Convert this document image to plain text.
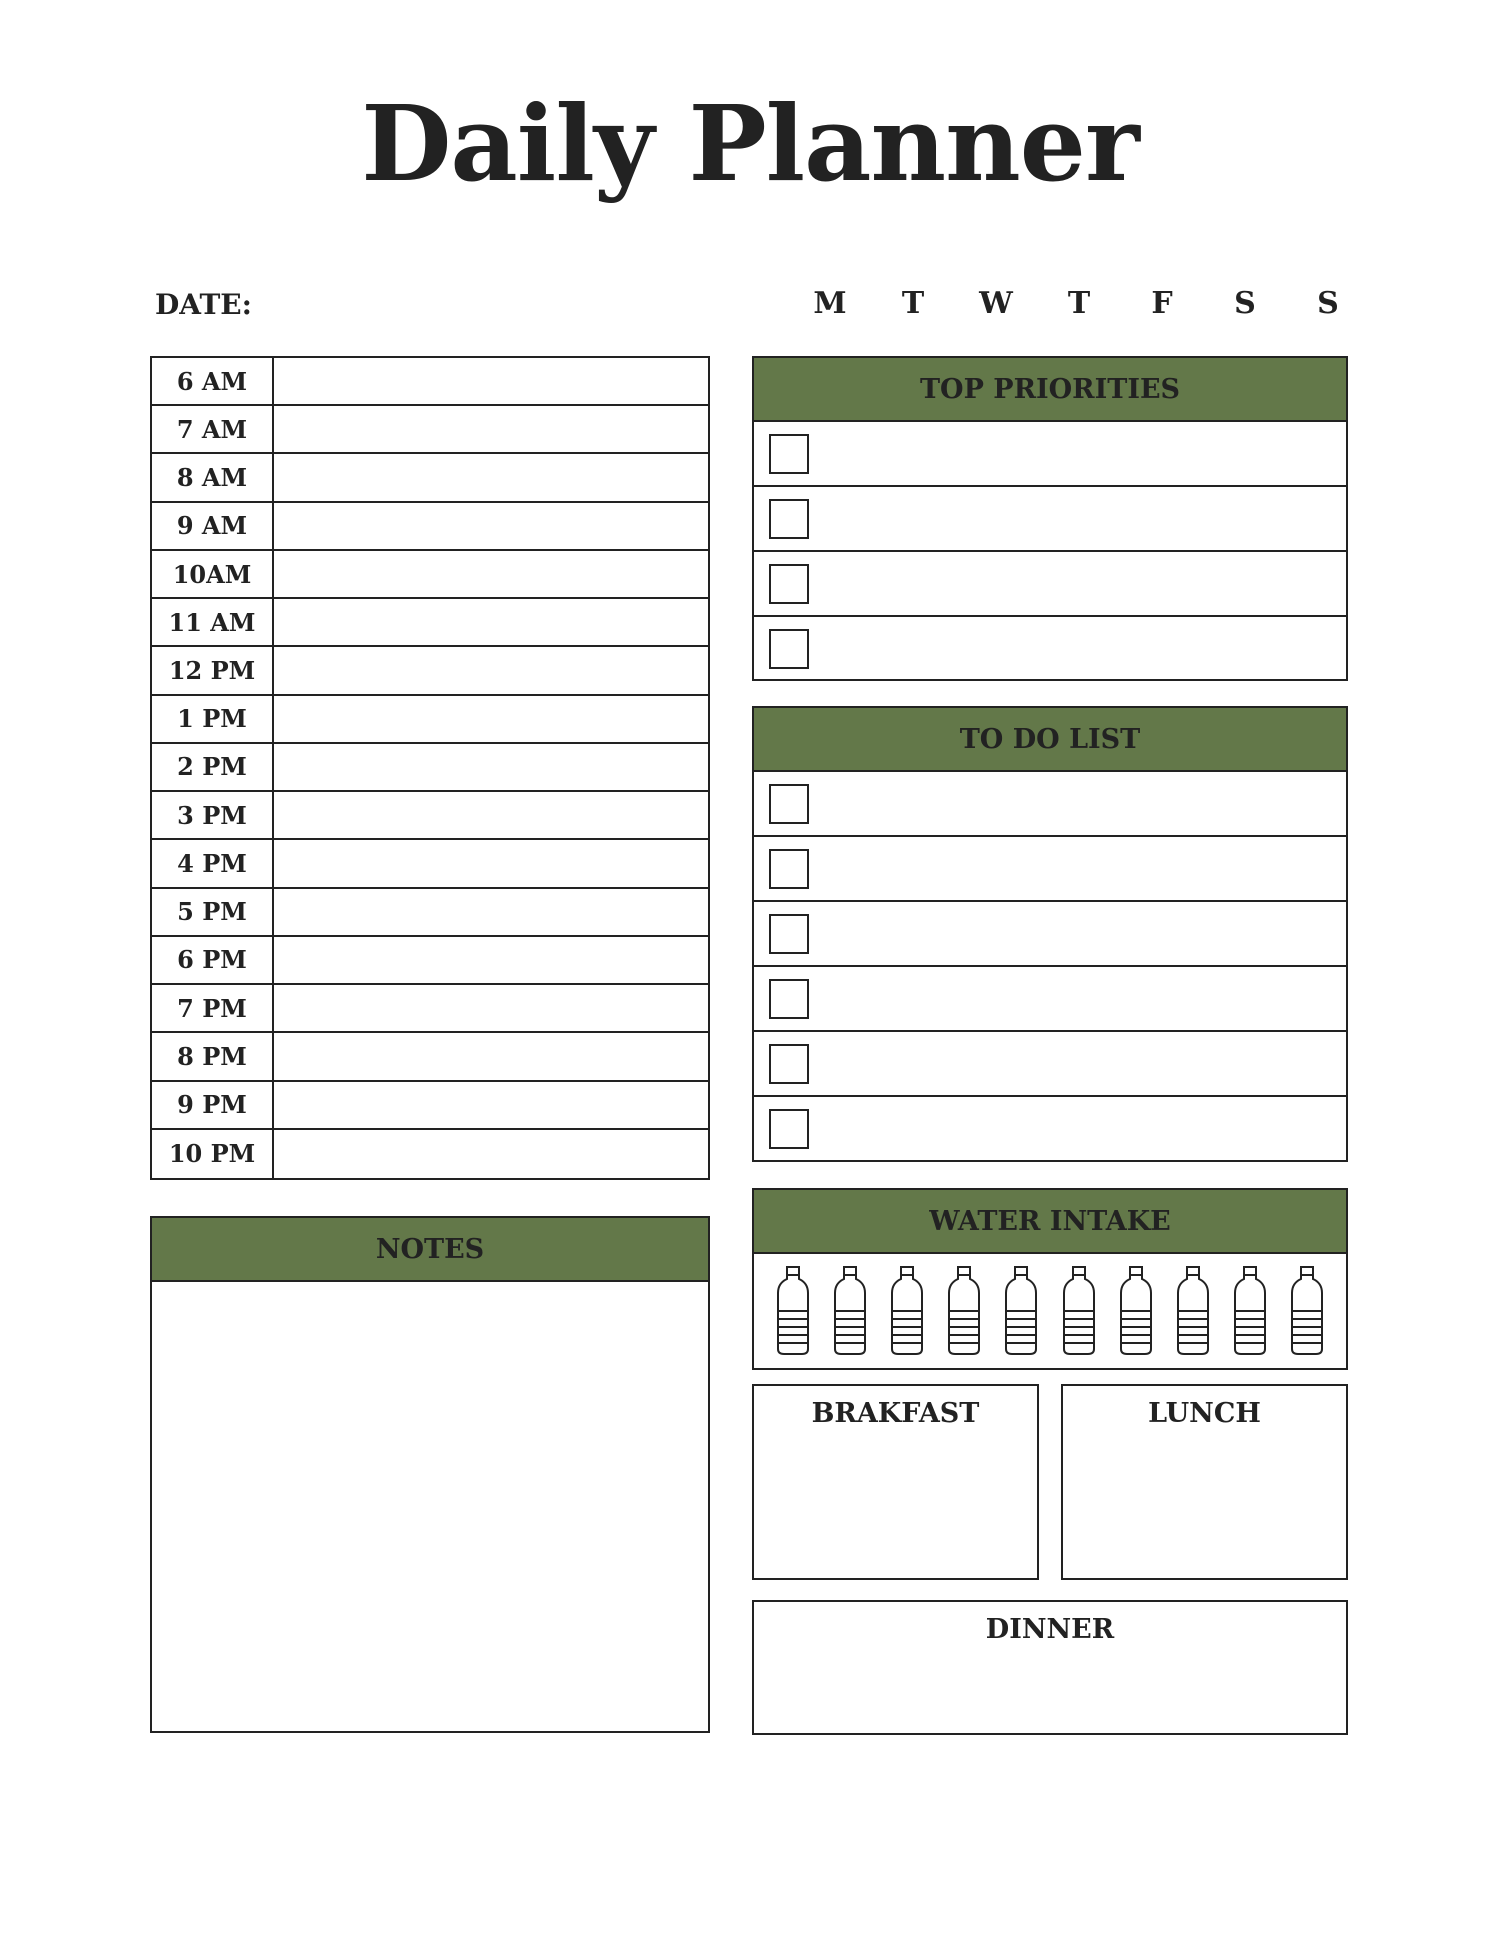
Daily Planner
DATE:	M T W T	F	S	S
6 AM
7 AM
8 AM
9 AM
10AM
11 AM
12 PM
1 PM
2 PM
3 PM
4 PM
5 PM
6 PM
7 PM
8 PM
9 PM
10 PM
TOP PRIORITIES
TO DO LIST
NOTES
WATER INTAKE
BRAKFAST	LUNCH
DINNER
